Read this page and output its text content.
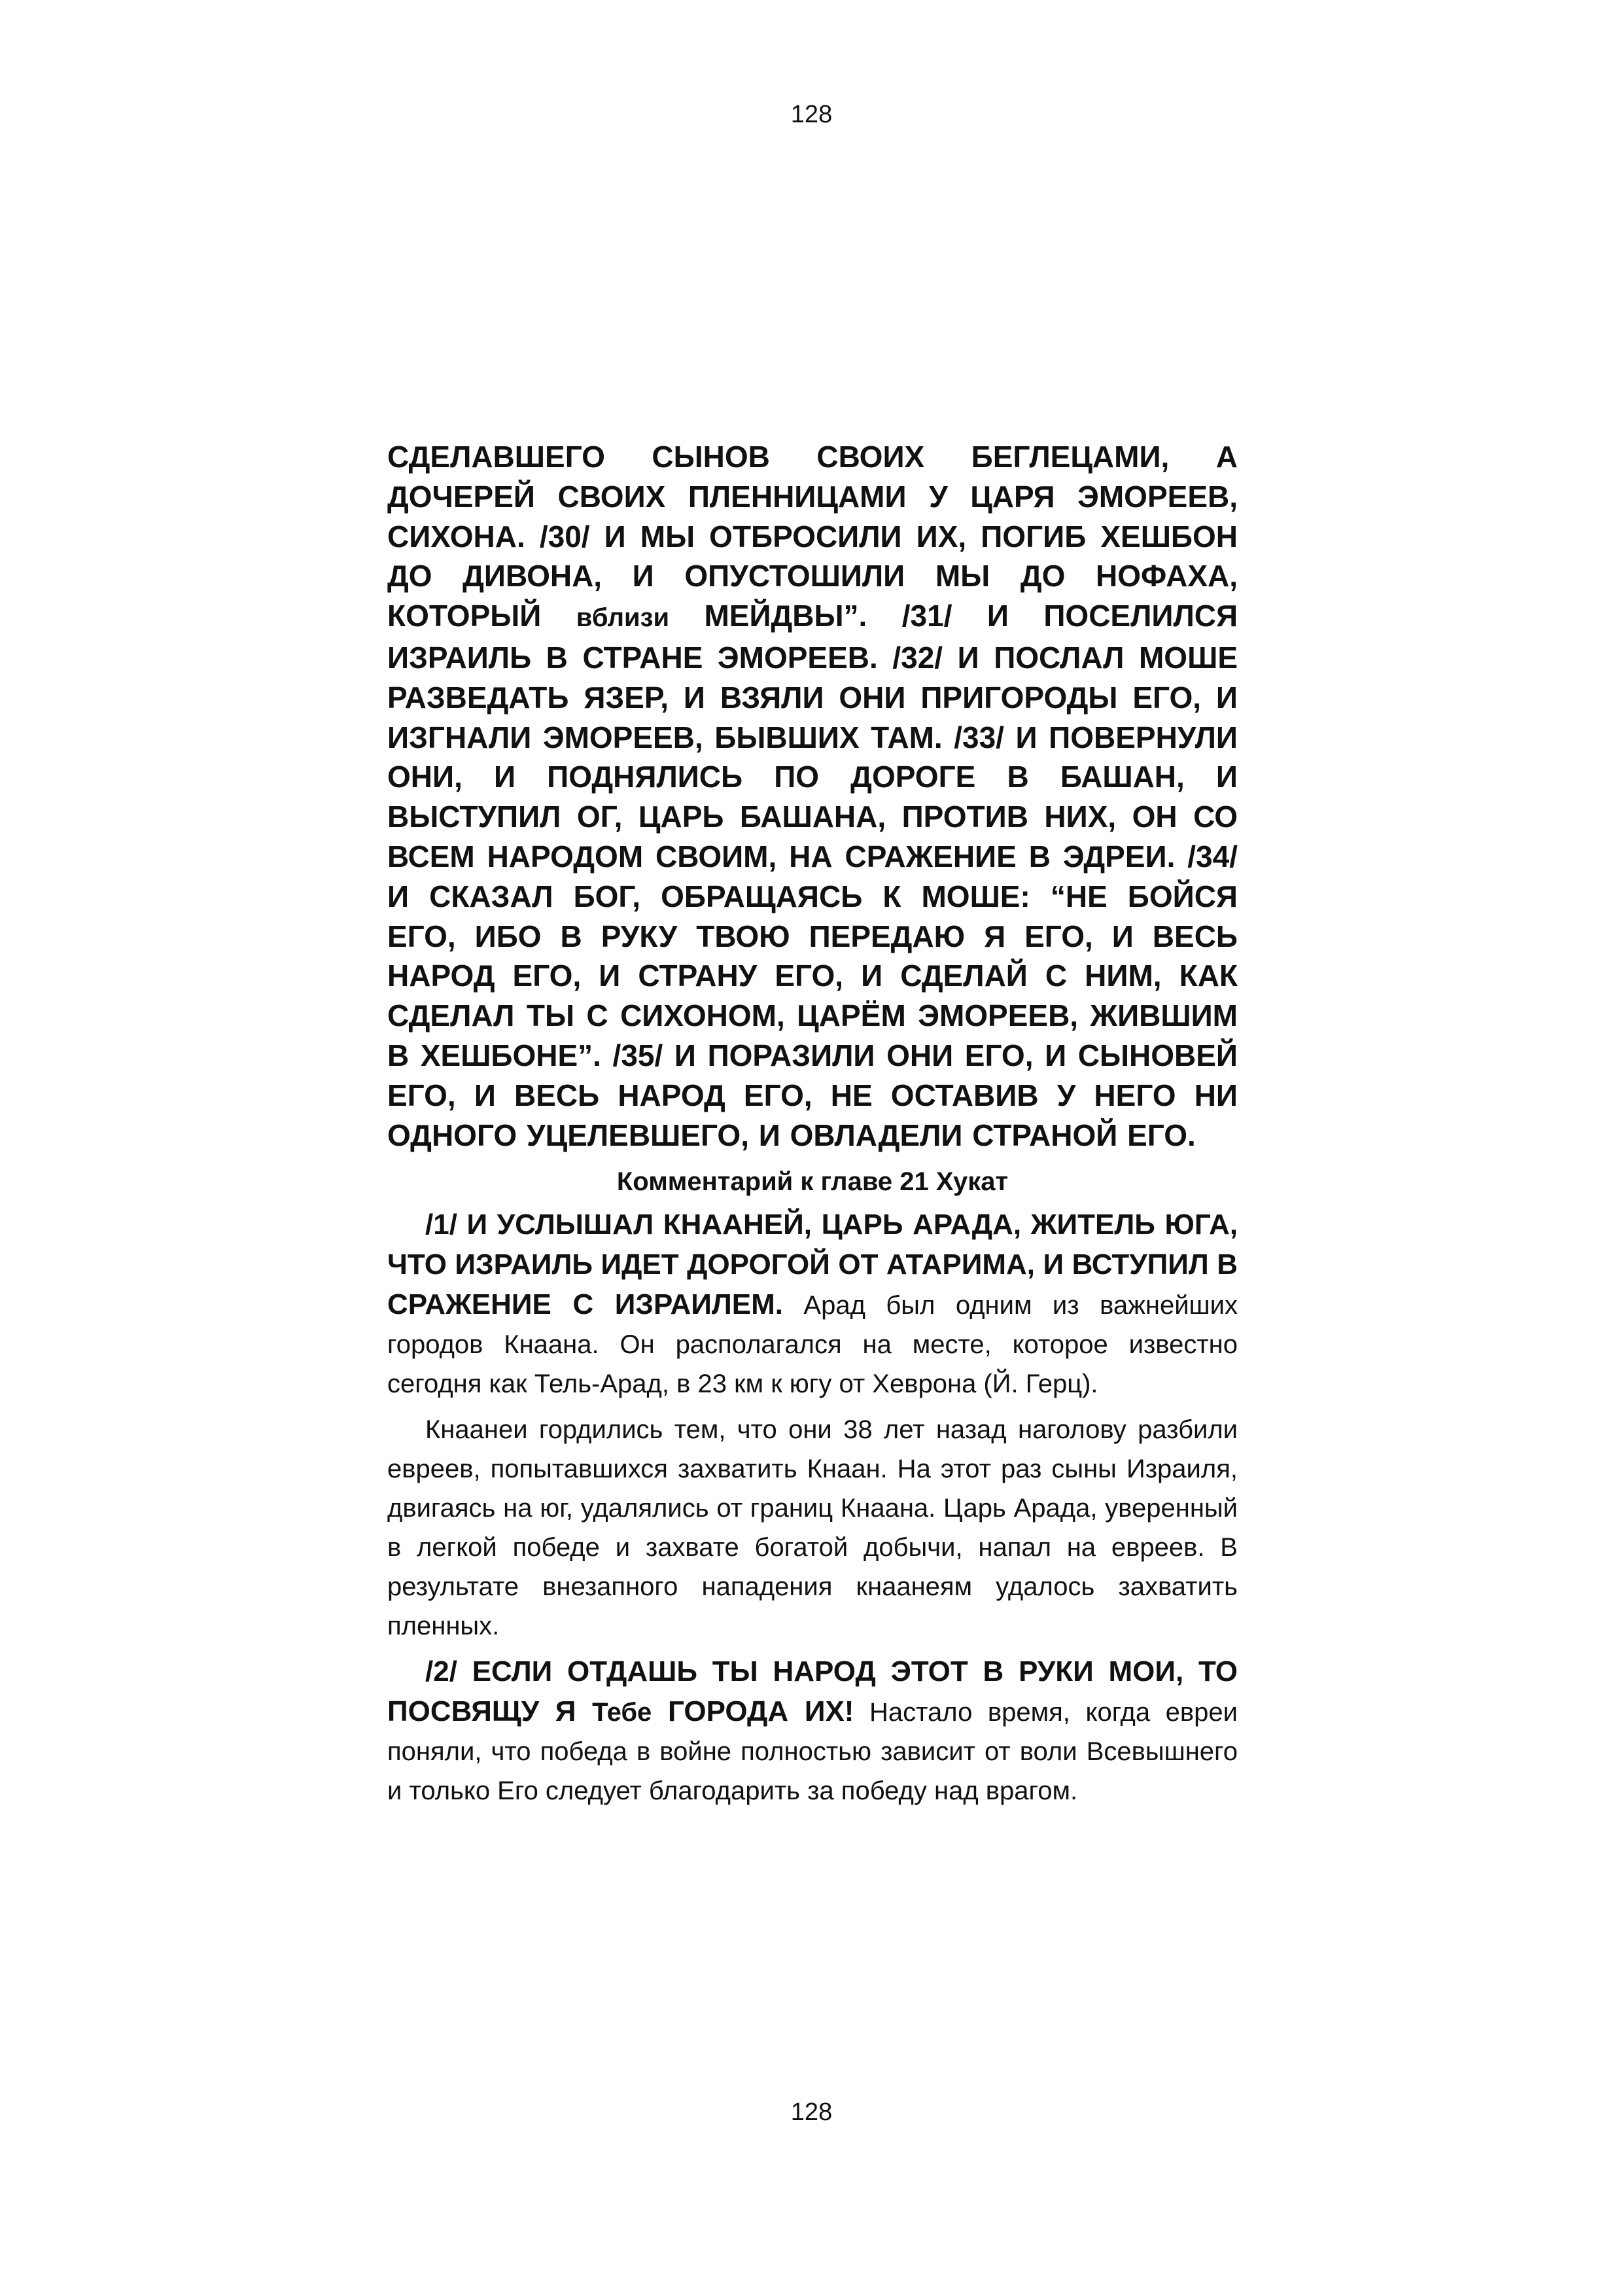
128

СДЕЛАВШЕГО СЫНОВ СВОИХ БЕГЛЕЦАМИ, А ДОЧЕРЕЙ СВОИХ ПЛЕННИЦАМИ У ЦАРЯ ЭМОРЕЕВ, СИХОНА. /30/ И МЫ ОТБРОСИЛИ ИХ, ПОГИБ ХЕШБОН ДО ДИВОНА, И ОПУСТОШИЛИ МЫ ДО НОФАХА, КОТОРЫЙ вблизи МЕЙДВЫ”. /31/ И ПОСЕЛИЛСЯ ИЗРАИЛЬ В СТРАНЕ ЭМОРЕЕВ. /32/ И ПОСЛАЛ МОШЕ РАЗВЕДАТЬ ЯЗЕР, И ВЗЯЛИ ОНИ ПРИГОРОДЫ ЕГО, И ИЗГНАЛИ ЭМОРЕЕВ, БЫВШИХ ТАМ. /33/ И ПОВЕРНУЛИ ОНИ, И ПОДНЯЛИСЬ ПО ДОРОГЕ В БАШАН, И ВЫСТУПИЛ ОГ, ЦАРЬ БАШАНА, ПРОТИВ НИХ, ОН СО ВСЕМ НАРОДОМ СВОИМ, НА СРАЖЕНИЕ В ЭДРЕИ. /34/ И СКАЗАЛ БОГ, ОБРАЩАЯСЬ К МОШЕ: “НЕ БОЙСЯ ЕГО, ИБО В РУКУ ТВОЮ ПЕРЕДАЮ Я ЕГО, И ВЕСЬ НАРОД ЕГО, И СТРАНУ ЕГО, И СДЕЛАЙ С НИМ, КАК СДЕЛАЛ ТЫ С СИХОНОМ, ЦАРЁМ ЭМОРЕЕВ, ЖИВШИМ В ХЕШБОНЕ”. /35/ И ПОРАЗИЛИ ОНИ ЕГО, И СЫНОВЕЙ ЕГО, И ВЕСЬ НАРОД ЕГО, НЕ ОСТАВИВ У НЕГО НИ ОДНОГО УЦЕЛЕВШЕГО, И ОВЛАДЕЛИ СТРАНОЙ ЕГО.

Комментарий к главе 21 Хукат

/1/ И УСЛЫШАЛ КНААНЕЙ, ЦАРЬ АРАДА, ЖИТЕЛЬ ЮГА, ЧТО ИЗРАИЛЬ ИДЕТ ДОРОГОЙ ОТ АТАРИМА, И ВСТУПИЛ В СРАЖЕНИЕ С ИЗРАИЛЕМ. Арад был одним из важнейших городов Кнаана. Он располагался на месте, которое известно сегодня как Тель-Арад, в 23 км к югу от Хеврона (Й. Герц).

Кнаанеи гордились тем, что они 38 лет назад наголову разбили евреев, попытавшихся захватить Кнаан. На этот раз сыны Израиля, двигаясь на юг, удалялись от границ Кнаана. Царь Арада, уверенный в легкой победе и захвате богатой добычи, напал на евреев. В результате внезапного нападения кнаанеям удалось захватить пленных.

/2/ ЕСЛИ ОТДАШЬ ТЫ НАРОД ЭТОТ В РУКИ МОИ, ТО ПОСВЯЩУ Я Тебе ГОРОДА ИХ! Настало время, когда евреи поняли, что победа в войне полностью зависит от воли Всевышнего и только Его следует благодарить за победу над врагом.

128
